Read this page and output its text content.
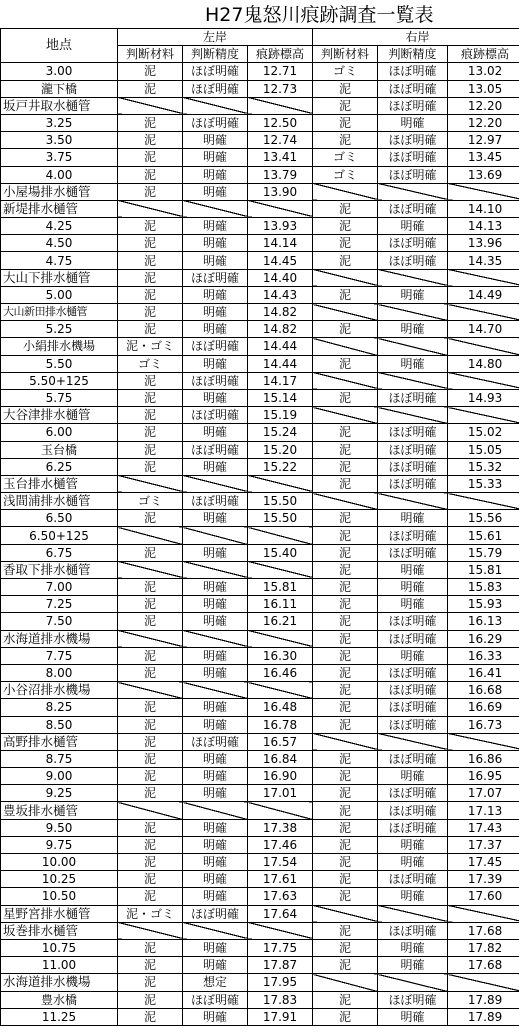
H27鬼怒川痕跡調査一覧表
地点	左岸			右岸		
	判断材料	判断精度	痕跡標高	判断材料	判断精度	痕跡標高
3.00	泥	ほぼ明確	12.71	ゴミ	ほぼ明確	13.02
瀧下橋	泥	ほぼ明確	12.73	泥	ほぼ明確	13.05
坂戸井取水樋管				泥	ほぼ明確	12.20
3.25	泥	ほぼ明確	12.50	泥	明確	12.20
3.50	泥	明確	12.74	泥	ほぼ明確	12.97
3.75	泥	明確	13.41	ゴミ	ほぼ明確	13.45
4.00	泥	明確	13.79	ゴミ	ほぼ明確	13.69
小屋場排水樋管	泥	明確	13.90			
新堤排水樋管				泥	ほぼ明確	14.10
4.25	泥	明確	13.93	泥	明確	14.13
4.50	泥	明確	14.14	泥	ほぼ明確	13.96
4.75	泥	明確	14.45	泥	ほぼ明確	14.35
大山下排水樋管	泥	ほぼ明確	14.40			
5.00	泥	明確	14.43	泥	明確	14.49
大山新田排水樋管	泥	明確	14.82			
5.25	泥	明確	14.82	泥	明確	14.70
小絹排水機場	泥・ゴミ	ほぼ明確	14.44			
5.50	ゴミ	明確	14.44	泥	明確	14.80
5.50+125	泥	ほぼ明確	14.17			
5.75	泥	明確	15.14	泥	ほぼ明確	14.93
大谷津排水樋管	泥	ほぼ明確	15.19			
6.00	泥	明確	15.24	泥	ほぼ明確	15.02
玉台橋	泥	ほぼ明確	15.20	泥	ほぼ明確	15.05
6.25	泥	明確	15.22	泥	ほぼ明確	15.32
玉台排水樋管				泥	ほぼ明確	15.33
浅間浦排水樋管	ゴミ	ほぼ明確	15.50			
6.50	泥	明確	15.50	泥	明確	15.56
6.50+125				泥	ほぼ明確	15.61
6.75	泥	明確	15.40	泥	ほぼ明確	15.79
香取下排水樋管				泥	明確	15.81
7.00	泥	明確	15.81	泥	明確	15.83
7.25	泥	明確	16.11	泥	明確	15.93
7.50	泥	明確	16.21	泥	ほぼ明確	16.13
水海道排水機場				泥	ほぼ明確	16.29
7.75	泥	明確	16.30	泥	明確	16.33
8.00	泥	明確	16.46	泥	ほぼ明確	16.41
小谷沼排水機場				泥	ほぼ明確	16.68
8.25	泥	明確	16.48	泥	ほぼ明確	16.69
8.50	泥	明確	16.78	泥	ほぼ明確	16.73
高野排水樋管	泥	ほぼ明確	16.57			
8.75	泥	明確	16.84	泥	ほぼ明確	16.86
9.00	泥	明確	16.90	泥	明確	16.95
9.25	泥	明確	17.01	泥	ほぼ明確	17.07
豊坂排水樋管				泥	ほぼ明確	17.13
9.50	泥	明確	17.38	泥	ほぼ明確	17.43
9.75	泥	明確	17.46	泥	明確	17.37
10.00	泥	明確	17.54	泥	明確	17.45
10.25	泥	明確	17.61	泥	ほぼ明確	17.39
10.50	泥	明確	17.63	泥	明確	17.60
星野宮排水樋管	泥・ゴミ	ほぼ明確	17.64			
坂巻排水樋管				泥	ほぼ明確	17.68
10.75	泥	明確	17.75	泥	明確	17.82
11.00	泥	明確	17.87	泥	明確	17.68
水海道排水機場	泥	想定	17.95			
豊水橋	泥	ほぼ明確	17.83	泥	ほぼ明確	17.89
11.25	泥	明確	17.91	泥	明確	17.89
